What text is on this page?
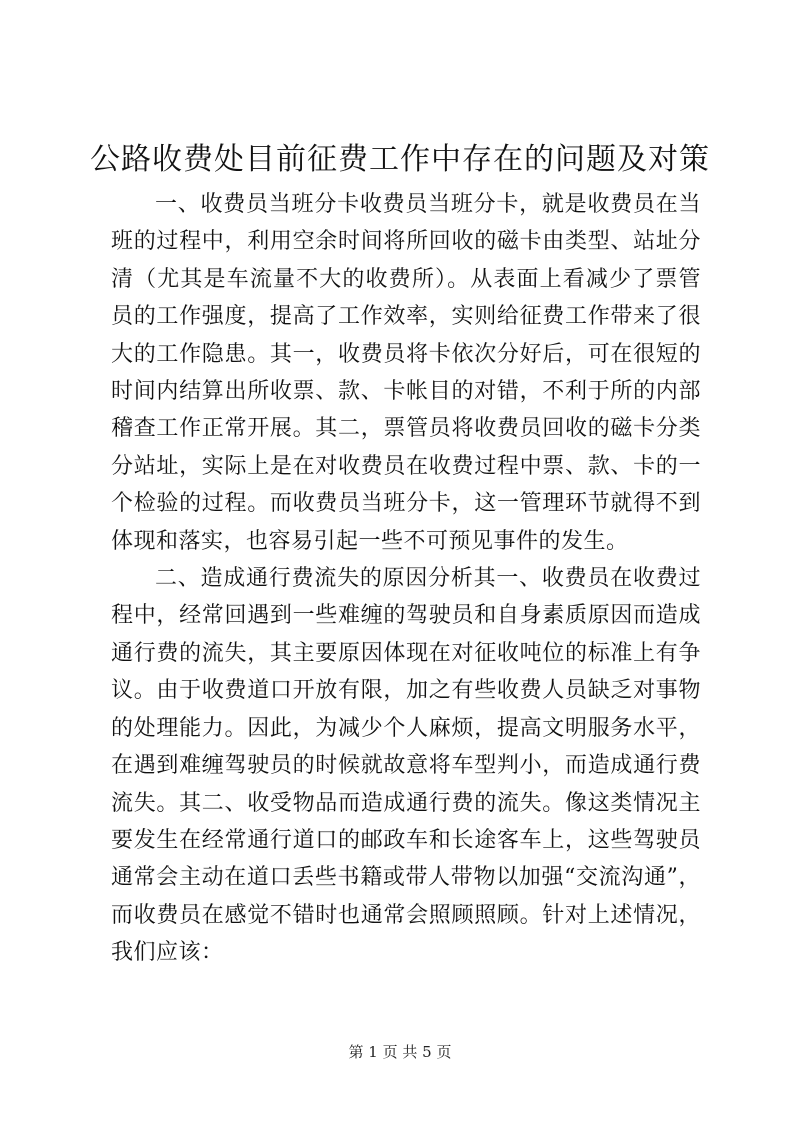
公路收费处目前征费工作中存在的问题及对策

一、收费员当班分卡收费员当班分卡，就是收费员在当班的过程中，利用空余时间将所回收的磁卡由类型、站址分清（尤其是车流量不大的收费所）。从表面上看减少了票管员的工作强度，提高了工作效率，实则给征费工作带来了很大的工作隐患。其一，收费员将卡依次分好后，可在很短的时间内结算出所收票、款、卡帐目的对错，不利于所的内部稽查工作正常开展。其二，票管员将收费员回收的磁卡分类分站址，实际上是在对收费员在收费过程中票、款、卡的一个检验的过程。而收费员当班分卡，这一管理环节就得不到体现和落实，也容易引起一些不可预见事件的发生。

二、造成通行费流失的原因分析其一、收费员在收费过程中，经常回遇到一些难缠的驾驶员和自身素质原因而造成通行费的流失，其主要原因体现在对征收吨位的标准上有争议。由于收费道口开放有限，加之有些收费人员缺乏对事物的处理能力。因此，为减少个人麻烦，提高文明服务水平，在遇到难缠驾驶员的时候就故意将车型判小，而造成通行费流失。其二、收受物品而造成通行费的流失。像这类情况主要发生在经常通行道口的邮政车和长途客车上，这些驾驶员通常会主动在道口丢些书籍或带人带物以加强“交流沟通”，而收费员在感觉不错时也通常会照顾照顾。针对上述情况，我们应该：

第 1 页 共 5 页
